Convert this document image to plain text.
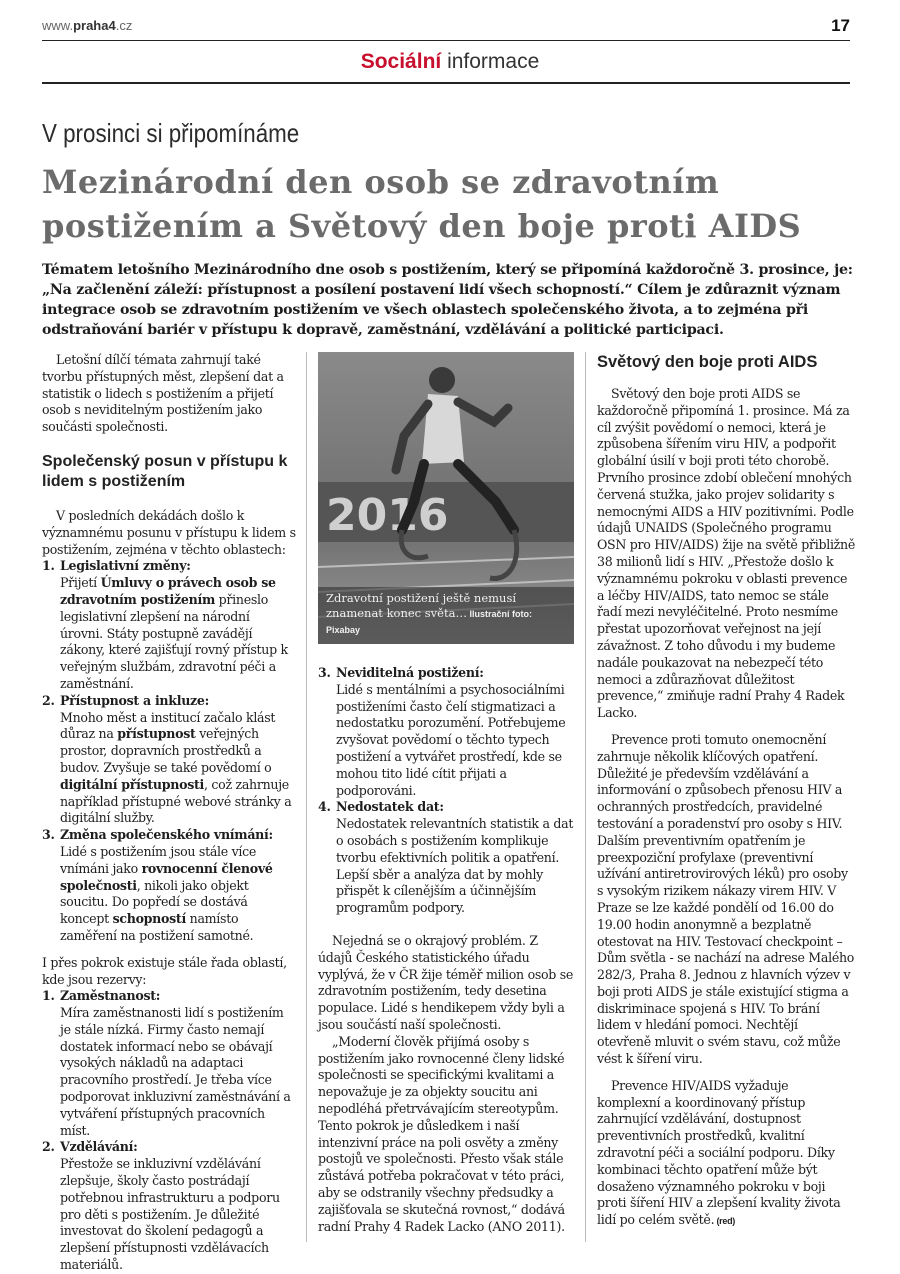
www.praha4.cz	17
Sociální informace
V prosinci si připomínáme
Mezinárodní den osob se zdravotním
postižením a Světový den boje proti AIDS
Tématem letošního Mezinárodního dne osob s postižením, který se připomíná každoročně 3. prosince, je: „Na začlenění záleží: přístupnost a posílení postavení lidí všech schopností.“ Cílem je zdůraznit význam integrace osob se zdravotním postižením ve všech oblastech společenského života, a to zejména při odstraňování bariér v přístupu k dopravě, zaměstnání, vzdělávání a politické participaci.

Letošní dílčí témata zahrnují také tvorbu přístupných měst, zlepšení dat a statistik o lidech s postižením a přijetí osob s neviditelným postižením jako součásti společnosti.

Společenský posun v přístupu k lidem s postižením

V posledních dekádách došlo k významnému posunu v přístupu k lidem s postižením, zejména v těchto oblastech:

1. Legislativní změny:
Přijetí Úmluvy o právech osob se zdravotním postižením přineslo legislativní zlepšení na národní úrovni. Státy postupně zavádějí zákony, které zajišťují rovný přístup k veřejným službám, zdravotní péči a zaměstnání.
2. Přístupnost a inkluze:
Mnoho měst a institucí začalo klást důraz na přístupnost veřejných prostor, dopravních prostředků a budov. Zvyšuje se také povědomí o digitální přístupnosti, což zahrnuje například přístupné webové stránky a digitální služby.
3. Změna společenského vnímání:
Lidé s postižením jsou stále více vnímáni jako rovnocenní členové společnosti, nikoli jako objekt soucitu. Do popředí se dostává koncept schopností namísto zaměření na postižení samotné.

I přes pokrok existuje stále řada oblastí, kde jsou rezervy:

1. Zaměstnanost:
Míra zaměstnanosti lidí s postižením je stále nízká. Firmy často nemají dostatek informací nebo se obávají vysokých nákladů na adaptaci pracovního prostředí. Je třeba více podporovat inkluzivní zaměstnávání a vytváření přístupných pracovních míst.
2. Vzdělávání:
Přestože se inkluzivní vzdělávání zlepšuje, školy často postrádají potřebnou infrastrukturu a podporu pro děti s postižením. Je důležité investovat do školení pedagogů a zlepšení přístupnosti vzdělávacích materiálů.
2016
Zdravotní postižení ještě nemusí znamenat konec světa… Ilustrační foto: Pixabay
3. Neviditelná postižení:
Lidé s mentálními a psychosociálními postiženími často čelí stigmatizaci a nedostatku porozumění. Potřebujeme zvyšovat povědomí o těchto typech postižení a vytvářet prostředí, kde se mohou tito lidé cítit přijati a podporováni.
4. Nedostatek dat:
Nedostatek relevantních statistik a dat o osobách s postižením komplikuje tvorbu efektivních politik a opatření. Lepší sběr a analýza dat by mohly přispět k cílenějším a účinnějším programům podpory.

Nejedná se o okrajový problém. Z údajů Českého statistického úřadu vyplývá, že v ČR žije téměř milion osob se zdravotním postižením, tedy desetina populace. Lidé s hendikepem vždy byli a jsou součástí naší společnosti.

„Moderní člověk přijímá osoby s postižením jako rovnocenné členy lidské společnosti se specifickými kvalitami a nepovažuje je za objekty soucitu ani nepodléhá přetrvávajícím stereotypům. Tento pokrok je důsledkem i naší intenzivní práce na poli osvěty a změny postojů ve společnosti. Přesto však stále zůstává potřeba pokračovat v této práci, aby se odstranily všechny předsudky a zajišťovala se skutečná rovnost,“ dodává radní Prahy 4 Radek Lacko (ANO 2011).

Světový den boje proti AIDS

Světový den boje proti AIDS se každoročně připomíná 1. prosince. Má za cíl zvýšit povědomí o nemoci, která je způsobena šířením viru HIV, a podpořit globální úsilí v boji proti této chorobě. Prvního prosince zdobí oblečení mnohých červená stužka, jako projev solidarity s nemocnými AIDS a HIV pozitivními. Podle údajů UNAIDS (Společného programu OSN pro HIV/AIDS) žije na světě přibližně 38 milionů lidí s HIV. „Přestože došlo k významnému pokroku v oblasti prevence a léčby HIV/AIDS, tato nemoc se stále řadí mezi nevyléčitelné. Proto nesmíme přestat upozorňovat veřejnost na její závažnost. Z toho důvodu i my budeme nadále poukazovat na nebezpečí této nemoci a zdůrazňovat důležitost prevence,“ zmiňuje radní Prahy 4 Radek Lacko.

Prevence proti tomuto onemocnění zahrnuje několik klíčových opatření. Důležité je především vzdělávání a informování o způsobech přenosu HIV a ochranných prostředcích, pravidelné testování a poradenství pro osoby s HIV. Dalším preventivním opatřením je preexpoziční profylaxe (preventivní užívání antiretrovirových léků) pro osoby s vysokým rizikem nákazy virem HIV. V Praze se lze každé pondělí od 16.00 do 19.00 hodin anonymně a bezplatně otestovat na HIV. Testovací checkpoint – Dům světla - se nachází na adrese Malého 282/3, Praha 8. Jednou z hlavních výzev v boji proti AIDS je stále existující stigma a diskriminace spojená s HIV. To brání lidem v hledání pomoci. Nechtějí otevřeně mluvit o svém stavu, což může vést k šíření viru.

Prevence HIV/AIDS vyžaduje komplexní a koordinovaný přístup zahrnující vzdělávání, dostupnost preventivních prostředků, kvalitní zdravotní péči a sociální podporu. Díky kombinaci těchto opatření může být dosaženo významného pokroku v boji proti šíření HIV a zlepšení kvality života lidí po celém světě. (red)
